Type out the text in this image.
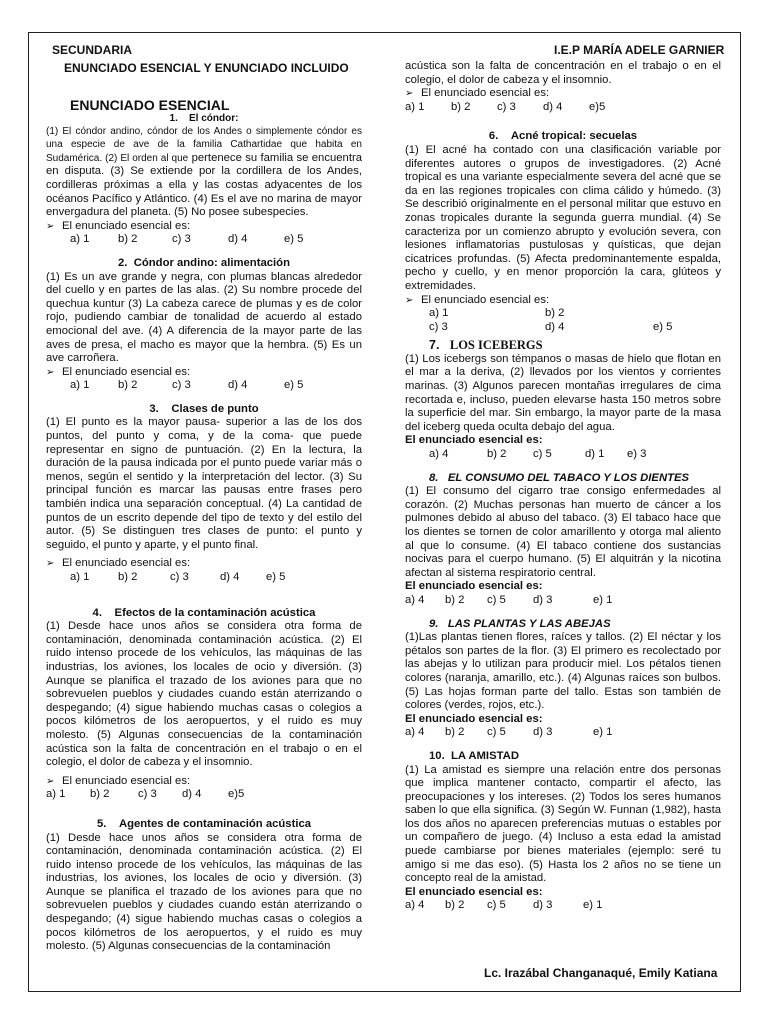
SECUNDARIA
ENUNCIADO ESENCIAL Y ENUNCIADO INCLUIDO
I.E.P MARÍA ADELE GARNIER

ENUNCIADO ESENCIAL

1. El cóndor:

(1) El cóndor andino, cóndor de los Andes o simplemente cóndor es una especie de ave de la familia Cathartidae que habita en Sudamérica. (2) El orden al que pertenece su familia se encuentra en disputa. (3) Se extiende por la cordillera de los Andes, cordilleras próximas a ella y las costas adyacentes de los océanos Pacífico y Atlántico. (4) Es el ave no marina de mayor envergadura del planeta. (5) No posee subespecies.

➢ El enunciado esencial es:

a) 1	b) 2	c) 3	d) 4	e) 5

2. Cóndor andino: alimentación

(1) Es un ave grande y negra, con plumas blancas alrededor del cuello y en partes de las alas. (2) Su nombre procede del quechua kuntur (3) La cabeza carece de plumas y es de color rojo, pudiendo cambiar de tonalidad de acuerdo al estado emocional del ave. (4) A diferencia de la mayor parte de las aves de presa, el macho es mayor que la hembra. (5) Es un ave carroñera.

➢ El enunciado esencial es:

a) 1	b) 2	c) 3	d) 4	e) 5

3. Clases de punto

(1) El punto es la mayor pausa- superior a las de los dos puntos, del punto y coma, y de la coma- que puede representar en signo de puntuación. (2) En la lectura, la duración de la pausa indicada por el punto puede variar más o menos, según el sentido y la interpretación del lector. (3) Su principal función es marcar las pausas entre frases pero también indica una separación conceptual. (4) La cantidad de puntos de un escrito depende del tipo de texto y del estilo del autor. (5) Se distinguen tres clases de punto: el punto y seguido, el punto y aparte, y el punto final.

➢ El enunciado esencial es:

a) 1	b) 2	c) 3	d) 4	e) 5

4. Efectos de la contaminación acústica

(1) Desde hace unos años se considera otra forma de contaminación, denominada contaminación acústica. (2) El ruido intenso procede de los vehículos, las máquinas de las industrias, los aviones, los locales de ocio y diversión. (3) Aunque se planifica el trazado de los aviones para que no sobrevuelen pueblos y ciudades cuando están aterrizando o despegando; (4) sigue habiendo muchas casas o colegios a pocos kilómetros de los aeropuertos, y el ruido es muy molesto. (5) Algunas consecuencias de la contaminación acústica son la falta de concentración en el trabajo o en el colegio, el dolor de cabeza y el insomnio.

➢ El enunciado esencial es:

a) 1	b) 2	c) 3	d) 4	e)5

5. Agentes de contaminación acústica

(1) Desde hace unos años se considera otra forma de contaminación, denominada contaminación acústica. (2) El ruido intenso procede de los vehículos, las máquinas de las industrias, los aviones, los locales de ocio y diversión. (3) Aunque se planifica el trazado de los aviones para que no sobrevuelen pueblos y ciudades cuando están aterrizando o despegando; (4) sigue habiendo muchas casas o colegios a pocos kilómetros de los aeropuertos, y el ruido es muy molesto. (5) Algunas consecuencias de la contaminación

acústica son la falta de concentración en el trabajo o en el colegio, el dolor de cabeza y el insomnio.

➢ El enunciado esencial es:

a) 1	b) 2	c) 3	d) 4	e)5

6. Acné tropical: secuelas

(1) El acné ha contado con una clasificación variable por diferentes autores o grupos de investigadores. (2) Acné tropical es una variante especialmente severa del acné que se da en las regiones tropicales con clima cálido y húmedo. (3) Se describió originalmente en el personal militar que estuvo en zonas tropicales durante la segunda guerra mundial. (4) Se caracteriza por un comienzo abrupto y evolución severa, con lesiones inflamatorias pustulosas y quísticas, que dejan cicatrices profundas. (5) Afecta predominantemente espalda, pecho y cuello, y en menor proporción la cara, glúteos y extremidades.

➢ El enunciado esencial es:

a) 1	b) 2
c) 3	d) 4	e) 5

7. LOS ICEBERGS

(1) Los icebergs son témpanos o masas de hielo que flotan en el mar a la deriva, (2) llevados por los vientos y corrientes marinas. (3) Algunos parecen montañas irregulares de cima recortada e, incluso, pueden elevarse hasta 150 metros sobre la superficie del mar. Sin embargo, la mayor parte de la masa del iceberg queda oculta debajo del agua.

El enunciado esencial es:

a) 4	b) 2	c) 5	d) 1	e) 3

8. EL CONSUMO DEL TABACO Y LOS DIENTES

(1) El consumo del cigarro trae consigo enfermedades al corazón. (2) Muchas personas han muerto de cáncer a los pulmones debido al abuso del tabaco. (3) El tabaco hace que los dientes se tornen de color amarillento y otorga mal aliento al que lo consume. (4) El tabaco contiene dos sustancias nocivas para el cuerpo humano. (5) El alquitrán y la nicotina afectan al sistema respiratorio central.

El enunciado esencial es:

a) 4	b) 2	c) 5	d) 3	e) 1

9. LAS PLANTAS Y LAS ABEJAS

(1)Las plantas tienen flores, raíces y tallos. (2) El néctar y los pétalos son partes de la flor. (3) El primero es recolectado por las abejas y lo utilizan para producir miel. Los pétalos tienen colores (naranja, amarillo, etc.). (4) Algunas raíces son bulbos. (5) Las hojas forman parte del tallo. Estas son también de colores (verdes, rojos, etc.).

El enunciado esencial es:

a) 4	b) 2	c) 5	d) 3	e) 1

10. LA AMISTAD

(1) La amistad es siempre una relación entre dos personas que implica mantener contacto, compartir el afecto, las preocupaciones y los intereses. (2) Todos los seres humanos saben lo que ella significa. (3) Según W. Funnan (1,982), hasta los dos años no aparecen preferencias mutuas o estables por un compañero de juego. (4) Incluso a esta edad la amistad puede cambiarse por bienes materiales (ejemplo: seré tu amigo si me das eso). (5) Hasta los 2 años no se tiene un concepto real de la amistad.

El enunciado esencial es:

a) 4	b) 2	c) 5	d) 3	e) 1
Lc. Irazábal Changanaqué, Emily Katiana
